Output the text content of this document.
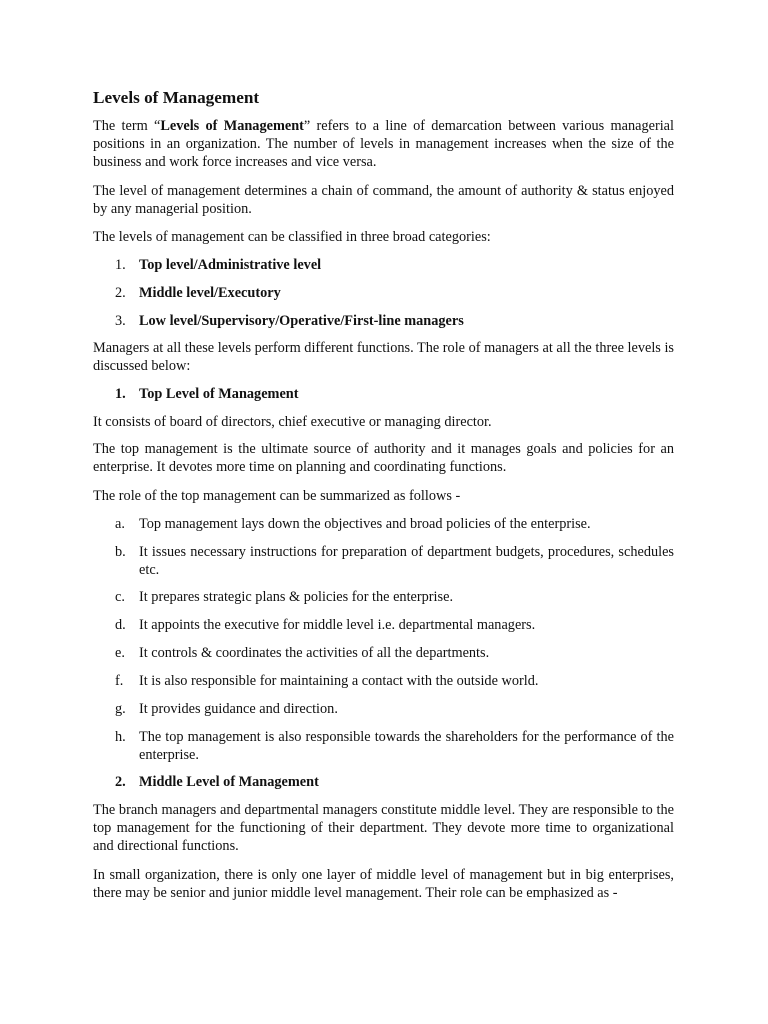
Levels of Management

The term “Levels of Management” refers to a line of demarcation between various managerial positions in an organization. The number of levels in management increases when the size of the business and work force increases and vice versa.

The level of management determines a chain of command, the amount of authority & status enjoyed by any managerial position.

The levels of management can be classified in three broad categories:

1. Top level/Administrative level
2. Middle level/Executory
3. Low level/Supervisory/Operative/First-line managers

Managers at all these levels perform different functions. The role of managers at all the three levels is discussed below:

1. Top Level of Management

It consists of board of directors, chief executive or managing director.

The top management is the ultimate source of authority and it manages goals and policies for an enterprise. It devotes more time on planning and coordinating functions.

The role of the top management can be summarized as follows -

a. Top management lays down the objectives and broad policies of the enterprise.
b. It issues necessary instructions for preparation of department budgets, procedures, schedules etc.
c. It prepares strategic plans & policies for the enterprise.
d. It appoints the executive for middle level i.e. departmental managers.
e. It controls & coordinates the activities of all the departments.
f. It is also responsible for maintaining a contact with the outside world.
g. It provides guidance and direction.
h. The top management is also responsible towards the shareholders for the performance of the enterprise.
2. Middle Level of Management

The branch managers and departmental managers constitute middle level. They are responsible to the top management for the functioning of their department. They devote more time to organizational and directional functions.

In small organization, there is only one layer of middle level of management but in big enterprises, there may be senior and junior middle level management. Their role can be emphasized as -
